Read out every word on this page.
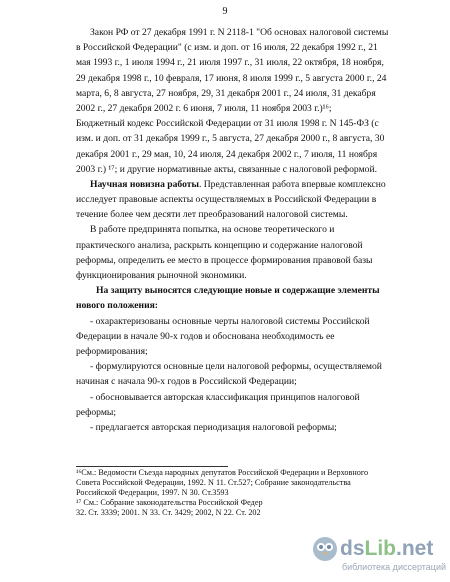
9
Закон РФ от 27 декабря 1991 г. N 2118-1 "Об основах налоговой системы
в Российской Федерации" (с изм. и доп. от 16 июля, 22 декабря 1992 г., 21
мая 1993 г., 1 июля 1994 г., 21 июля 1997 г., 31 июля, 22 октября, 18 ноября,
29 декабря 1998 г., 10 февраля, 17 июня, 8 июля 1999 г., 5 августа 2000 г., 24
марта, 6, 8 августа, 27 ноября, 29, 31 декабря 2001 г., 24 июля, 31 декабря
2002 г., 27 декабря 2002 г. 6 июня, 7 июля, 11 ноября 2003 г.)¹⁶;
Бюджетный кодекс Российской Федерации от 31 июля 1998 г. N 145-ФЗ (с
изм. и доп. от 31 декабря 1999 г., 5 августа, 27 декабря 2000 г., 8 августа, 30
декабря 2001 г., 29 мая, 10, 24 июля, 24 декабря 2002 г., 7 июля, 11 ноября
2003 г.) ¹⁷; и другие нормативные акты, связанные с налоговой реформой.
Научная новизна работы. Представленная работа впервые комплексно
исследует правовые аспекты осуществляемых в Российской Федерации в
течение более чем десяти лет преобразований налоговой системы.
В работе предпринята попытка, на основе теоретического и
практического анализа, раскрыть концепцию и содержание налоговой
реформы, определить ее место в процессе формирования правовой базы
функционирования рыночной экономики.
На защиту выносятся следующие новые и содержащие элементы
нового положения:
- охарактеризованы основные черты налоговой системы Российской
Федерации в начале 90-х годов и обоснована необходимость ее
реформирования;
- формулируются основные цели налоговой реформы, осуществляемой
начиная с начала 90-х годов в Российской Федерации;
- обосновывается авторская классификация принципов налоговой
реформы;
- предлагается авторская периодизация налоговой реформы;
¹⁶См.: Ведомости Съезда народных депутатов Российской Федерации и Верховного
Совета Российской Федерации, 1992. N 11. Ст.527; Собрание законодательства
Российской Федерации, 1997. N 30. Ст.3593
¹⁷ См.: Собрание законодательства Российской Федер
32. Ст. 3339; 2001. N 33. Ст. 3429; 2002, N 22. Ст. 202
dsLib.net
библиотека диссертаций
